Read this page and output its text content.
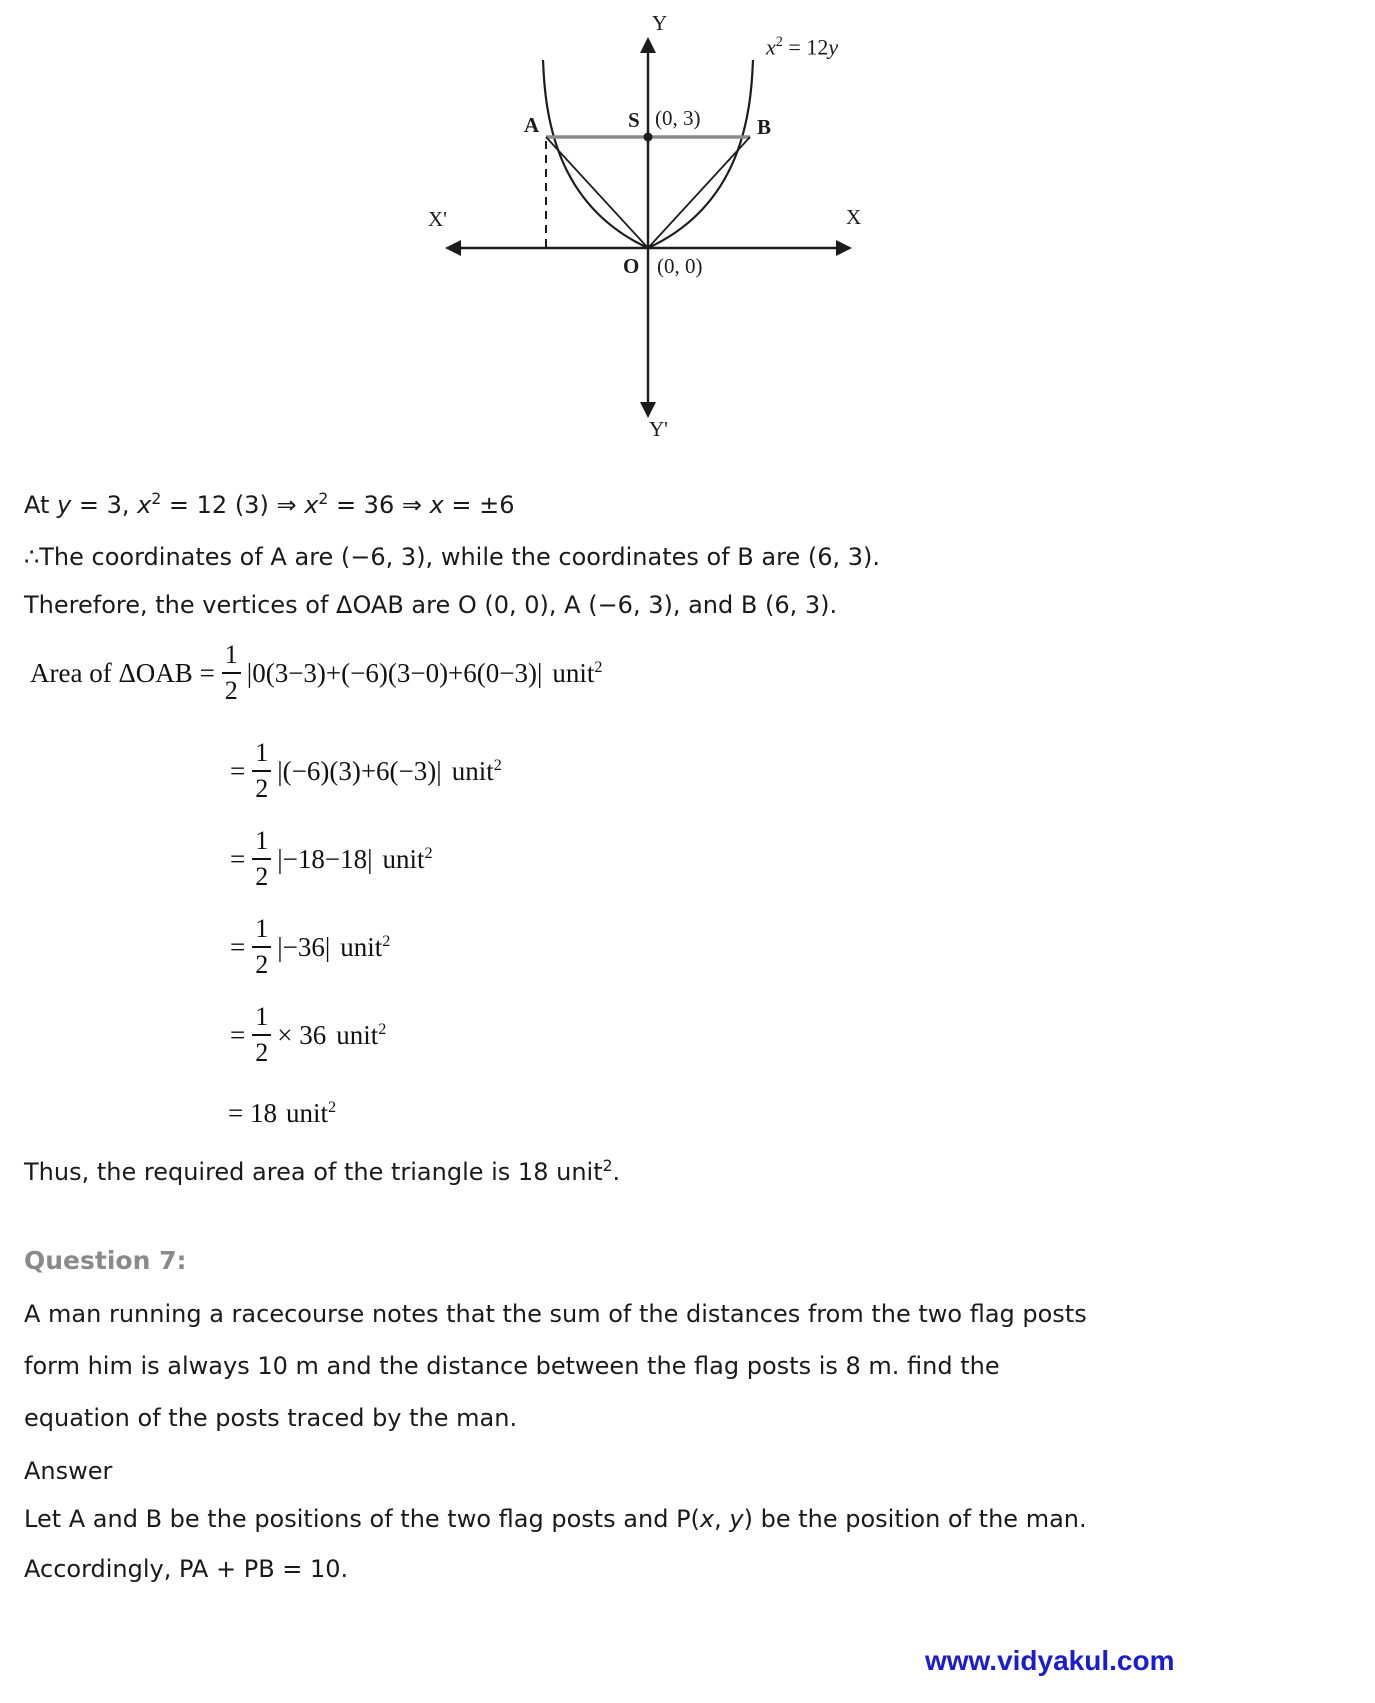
Y
Y'
X'	X
$x^2 = 12y$
A	B
S (0, 3)
O (0, 0)
At y = 3, $x^2 = 12$ (3) ⇒ $x^2 = 36$ ⇒ x = ±6
∴The coordinates of A are (−6, 3), while the coordinates of B are (6, 3).
Therefore, the vertices of ΔOAB are O (0, 0), A (−6, 3), and B (6, 3).
Area of $\Delta OAB = \frac{1}{2} |0(3-3)+(-6)(3-0)+6(0-3)|$ unit$^2$
= $\frac{1}{2} |(-6)(3)+6(-3)|$ unit$^2$
= $\frac{1}{2} |-18-18|$ unit$^2$
= $\frac{1}{2} |-36|$ unit$^2$
= $\frac{1}{2} \times 36$ unit$^2$
= 18 unit$^2$
Thus, the required area of the triangle is 18 unit$^2$.
Question 7:
A man running a racecourse notes that the sum of the distances from the two flag posts
form him is always 10 m and the distance between the flag posts is 8 m. find the
equation of the posts traced by the man.
Answer
Let A and B be the positions of the two flag posts and P(x, y) be the position of the man.
Accordingly, PA + PB = 10.
www.vidyakul.com
